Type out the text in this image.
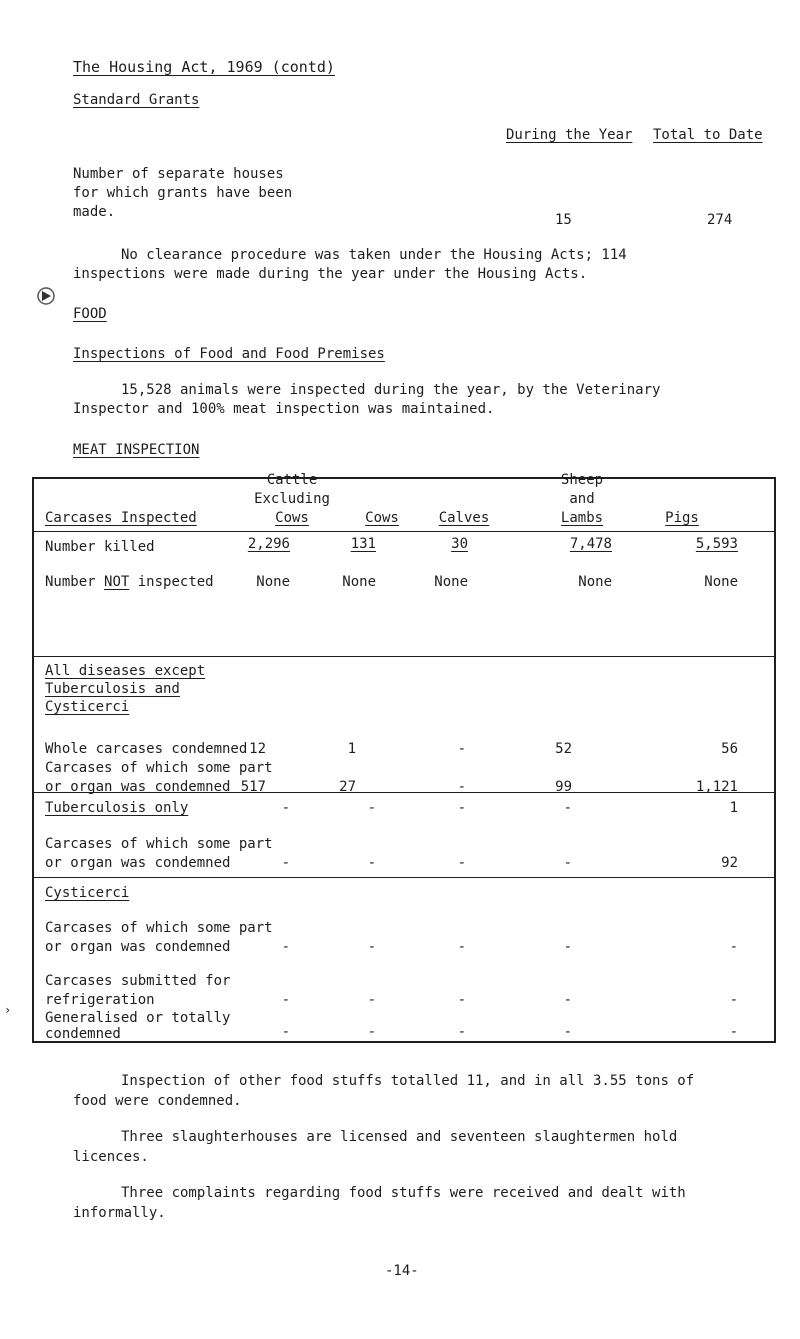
The Housing Act, 1969 (contd)
Standard Grants
During the Year Total to Date
Number of separate houses
for which grants have been
made.	15	274
No clearance procedure was taken under the Housing Acts; 114
inspections were made during the year under the Housing Acts.
FOOD
Inspections of Food and Food Premises
15,528 animals were inspected during the year, by the Veterinary
Inspector and 100% meat inspection was maintained.
MEAT INSPECTION
Carcases Inspected
Cattle
Excluding
Cows	Cows	Calves
Sheep
and
Lambs	Pigs
Number killed	2,296	131	30	7,478	5,593
Number NOT inspected	None	None	None	None	None
All diseases except
Tuberculosis and
Cysticerci
Whole carcases condemned 12	1	-	52	56
Carcases of which some part
or organ was condemned 517	27	-	99	1,121
Tuberculosis only	-	-	-	-	1
Carcases of which some part
or organ was condemned	-	-	-	-	92
Cysticerci
Carcases of which some part
or organ was condemned	-	-	-	-	-
Carcases submitted for
refrigeration	-	-	-	-	-
Generalised or totally
condemned	-	-	-	-	-
›
Inspection of other food stuffs totalled 11, and in all 3.55 tons of
food were condemned.
Three slaughterhouses are licensed and seventeen slaughtermen hold
licences.
Three complaints regarding food stuffs were received and dealt with
informally.
-14-
